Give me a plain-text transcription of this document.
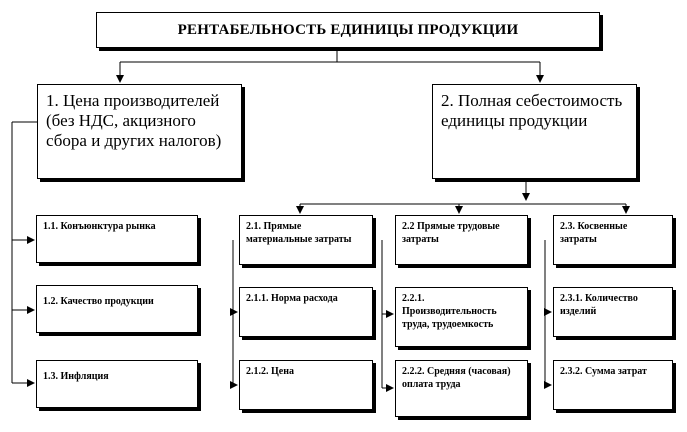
РЕНТАБЕЛЬНОСТЬ ЕДИНИЦЫ ПРОДУКЦИИ
1. Цена производителей (без НДС, акцизного сбора и других налогов)
2. Полная себестоимость единицы продукции
1.1. Конъюнктура рынка
1.2. Качество продукции
1.3. Инфляция
2.1. Прямые материальные затраты
2.1.1. Норма расхода
2.1.2. Цена
2.2 Прямые трудовые затраты
2.2.1. Производительность труда, трудоемкость
2.2.2. Средняя (часовая) оплата труда
2.3. Косвенные затраты
2.3.1. Количество изделий
2.3.2. Сумма затрат
